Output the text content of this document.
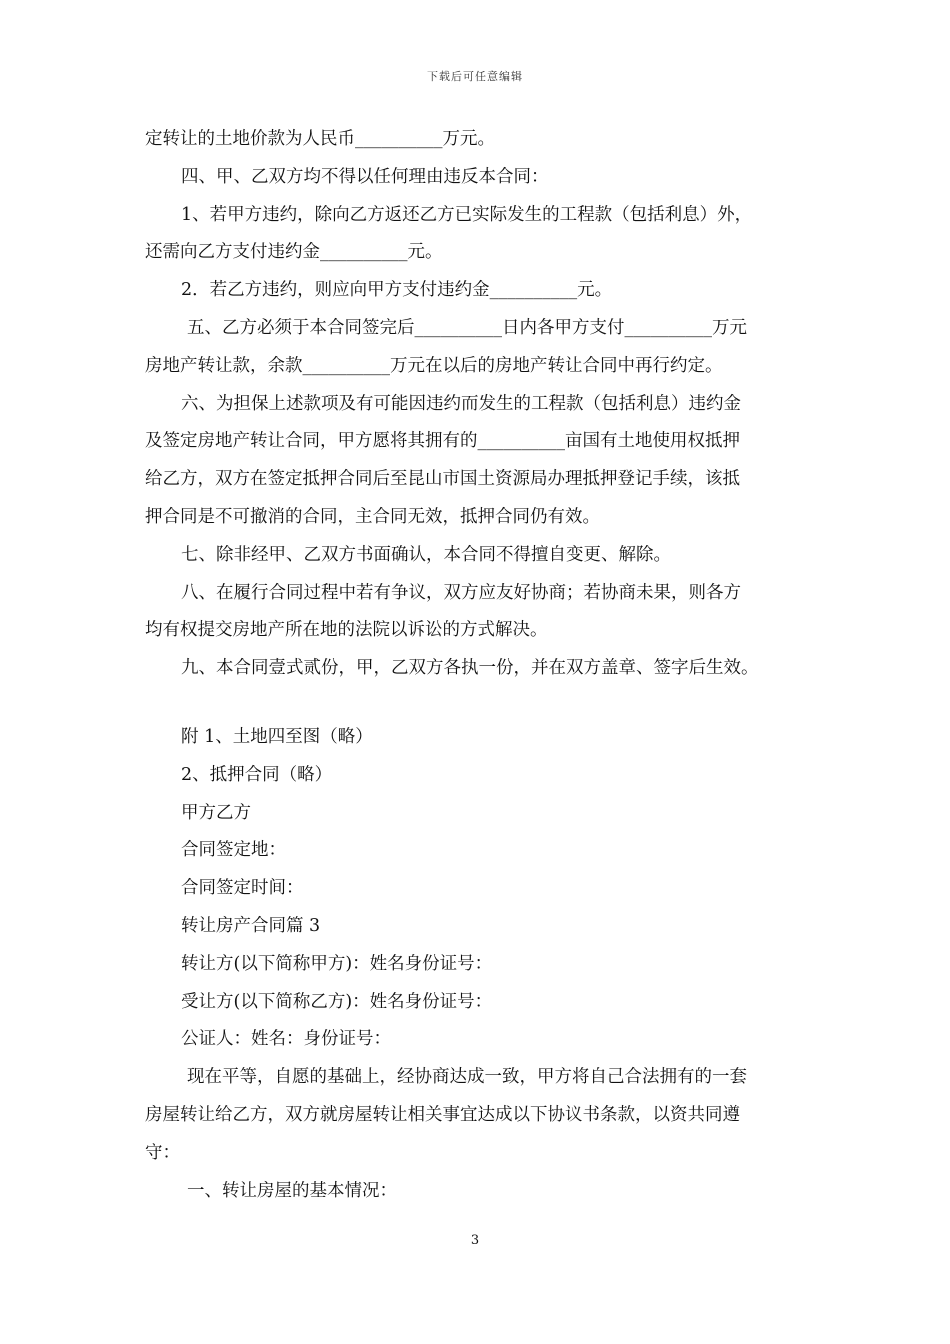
下载后可任意编辑
定转让的土地价款为人民币__________万元。
四、甲、乙双方均不得以任何理由违反本合同：
1、若甲方违约，除向乙方返还乙方已实际发生的工程款（包括利息）外，
还需向乙方支付违约金__________元。
2．若乙方违约，则应向甲方支付违约金__________元。
五、乙方必须于本合同签完后__________日内各甲方支付__________万元
房地产转让款，余款__________万元在以后的房地产转让合同中再行约定。
六、为担保上述款项及有可能因违约而发生的工程款（包括利息）违约金
及签定房地产转让合同，甲方愿将其拥有的__________亩国有土地使用权抵押
给乙方，双方在签定抵押合同后至昆山市国土资源局办理抵押登记手续，该抵
押合同是不可撤消的合同，主合同无效，抵押合同仍有效。
七、除非经甲、乙双方书面确认，本合同不得擅自变更、解除。
八、在履行合同过程中若有争议，双方应友好协商；若协商未果，则各方
均有权提交房地产所在地的法院以诉讼的方式解决。
九、本合同壹式贰份，甲，乙双方各执一份，并在双方盖章、签字后生效。
附 1、土地四至图（略）
2、抵押合同（略）
甲方乙方
合同签定地：
合同签定时间：
转让房产合同篇 3
转让方(以下简称甲方)：姓名身份证号：
受让方(以下简称乙方)：姓名身份证号：
公证人：姓名：身份证号：
现在平等，自愿的基础上，经协商达成一致，甲方将自己合法拥有的一套
房屋转让给乙方，双方就房屋转让相关事宜达成以下协议书条款，以资共同遵
守：
一、转让房屋的基本情况：
3
